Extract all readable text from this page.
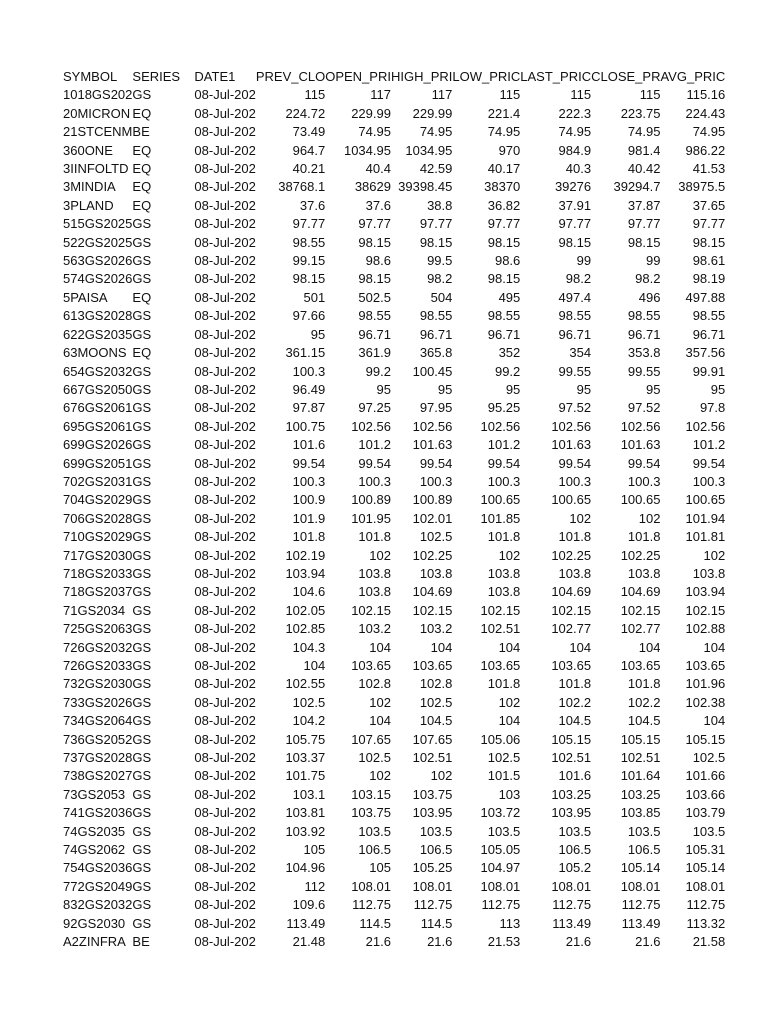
SYMBOL	SERIES	DATE1	PREV_CLO	OPEN_PRI	HIGH_PRI	LOW_PRIC	LAST_PRIC	CLOSE_PR	AVG_PRIC
1018GS202	GS	08-Jul-202	115	117	117	115	115	115	115.16
20MICRON	EQ	08-Jul-202	224.72	229.99	229.99	221.4	222.3	223.75	224.43
21STCENM	BE	08-Jul-202	73.49	74.95	74.95	74.95	74.95	74.95	74.95
360ONE	EQ	08-Jul-202	964.7	1034.95	1034.95	970	984.9	981.4	986.22
3IINFOLTD	EQ	08-Jul-202	40.21	40.4	42.59	40.17	40.3	40.42	41.53
3MINDIA	EQ	08-Jul-202	38768.1	38629	39398.45	38370	39276	39294.7	38975.5
3PLAND	EQ	08-Jul-202	37.6	37.6	38.8	36.82	37.91	37.87	37.65
515GS2025	GS	08-Jul-202	97.77	97.77	97.77	97.77	97.77	97.77	97.77
522GS2025	GS	08-Jul-202	98.55	98.15	98.15	98.15	98.15	98.15	98.15
563GS2026	GS	08-Jul-202	99.15	98.6	99.5	98.6	99	99	98.61
574GS2026	GS	08-Jul-202	98.15	98.15	98.2	98.15	98.2	98.2	98.19
5PAISA	EQ	08-Jul-202	501	502.5	504	495	497.4	496	497.88
613GS2028	GS	08-Jul-202	97.66	98.55	98.55	98.55	98.55	98.55	98.55
622GS2035	GS	08-Jul-202	95	96.71	96.71	96.71	96.71	96.71	96.71
63MOONS	EQ	08-Jul-202	361.15	361.9	365.8	352	354	353.8	357.56
654GS2032	GS	08-Jul-202	100.3	99.2	100.45	99.2	99.55	99.55	99.91
667GS2050	GS	08-Jul-202	96.49	95	95	95	95	95	95
676GS2061	GS	08-Jul-202	97.87	97.25	97.95	95.25	97.52	97.52	97.8
695GS2061	GS	08-Jul-202	100.75	102.56	102.56	102.56	102.56	102.56	102.56
699GS2026	GS	08-Jul-202	101.6	101.2	101.63	101.2	101.63	101.63	101.2
699GS2051	GS	08-Jul-202	99.54	99.54	99.54	99.54	99.54	99.54	99.54
702GS2031	GS	08-Jul-202	100.3	100.3	100.3	100.3	100.3	100.3	100.3
704GS2029	GS	08-Jul-202	100.9	100.89	100.89	100.65	100.65	100.65	100.65
706GS2028	GS	08-Jul-202	101.9	101.95	102.01	101.85	102	102	101.94
710GS2029	GS	08-Jul-202	101.8	101.8	102.5	101.8	101.8	101.8	101.81
717GS2030	GS	08-Jul-202	102.19	102	102.25	102	102.25	102.25	102
718GS2033	GS	08-Jul-202	103.94	103.8	103.8	103.8	103.8	103.8	103.8
718GS2037	GS	08-Jul-202	104.6	103.8	104.69	103.8	104.69	104.69	103.94
71GS2034	GS	08-Jul-202	102.05	102.15	102.15	102.15	102.15	102.15	102.15
725GS2063	GS	08-Jul-202	102.85	103.2	103.2	102.51	102.77	102.77	102.88
726GS2032	GS	08-Jul-202	104.3	104	104	104	104	104	104
726GS2033	GS	08-Jul-202	104	103.65	103.65	103.65	103.65	103.65	103.65
732GS2030	GS	08-Jul-202	102.55	102.8	102.8	101.8	101.8	101.8	101.96
733GS2026	GS	08-Jul-202	102.5	102	102.5	102	102.2	102.2	102.38
734GS2064	GS	08-Jul-202	104.2	104	104.5	104	104.5	104.5	104
736GS2052	GS	08-Jul-202	105.75	107.65	107.65	105.06	105.15	105.15	105.15
737GS2028	GS	08-Jul-202	103.37	102.5	102.51	102.5	102.51	102.51	102.5
738GS2027	GS	08-Jul-202	101.75	102	102	101.5	101.6	101.64	101.66
73GS2053	GS	08-Jul-202	103.1	103.15	103.75	103	103.25	103.25	103.66
741GS2036	GS	08-Jul-202	103.81	103.75	103.95	103.72	103.95	103.85	103.79
74GS2035	GS	08-Jul-202	103.92	103.5	103.5	103.5	103.5	103.5	103.5
74GS2062	GS	08-Jul-202	105	106.5	106.5	105.05	106.5	106.5	105.31
754GS2036	GS	08-Jul-202	104.96	105	105.25	104.97	105.2	105.14	105.14
772GS2049	GS	08-Jul-202	112	108.01	108.01	108.01	108.01	108.01	108.01
832GS2032	GS	08-Jul-202	109.6	112.75	112.75	112.75	112.75	112.75	112.75
92GS2030	GS	08-Jul-202	113.49	114.5	114.5	113	113.49	113.49	113.32
A2ZINFRA	BE	08-Jul-202	21.48	21.6	21.6	21.53	21.6	21.6	21.58
